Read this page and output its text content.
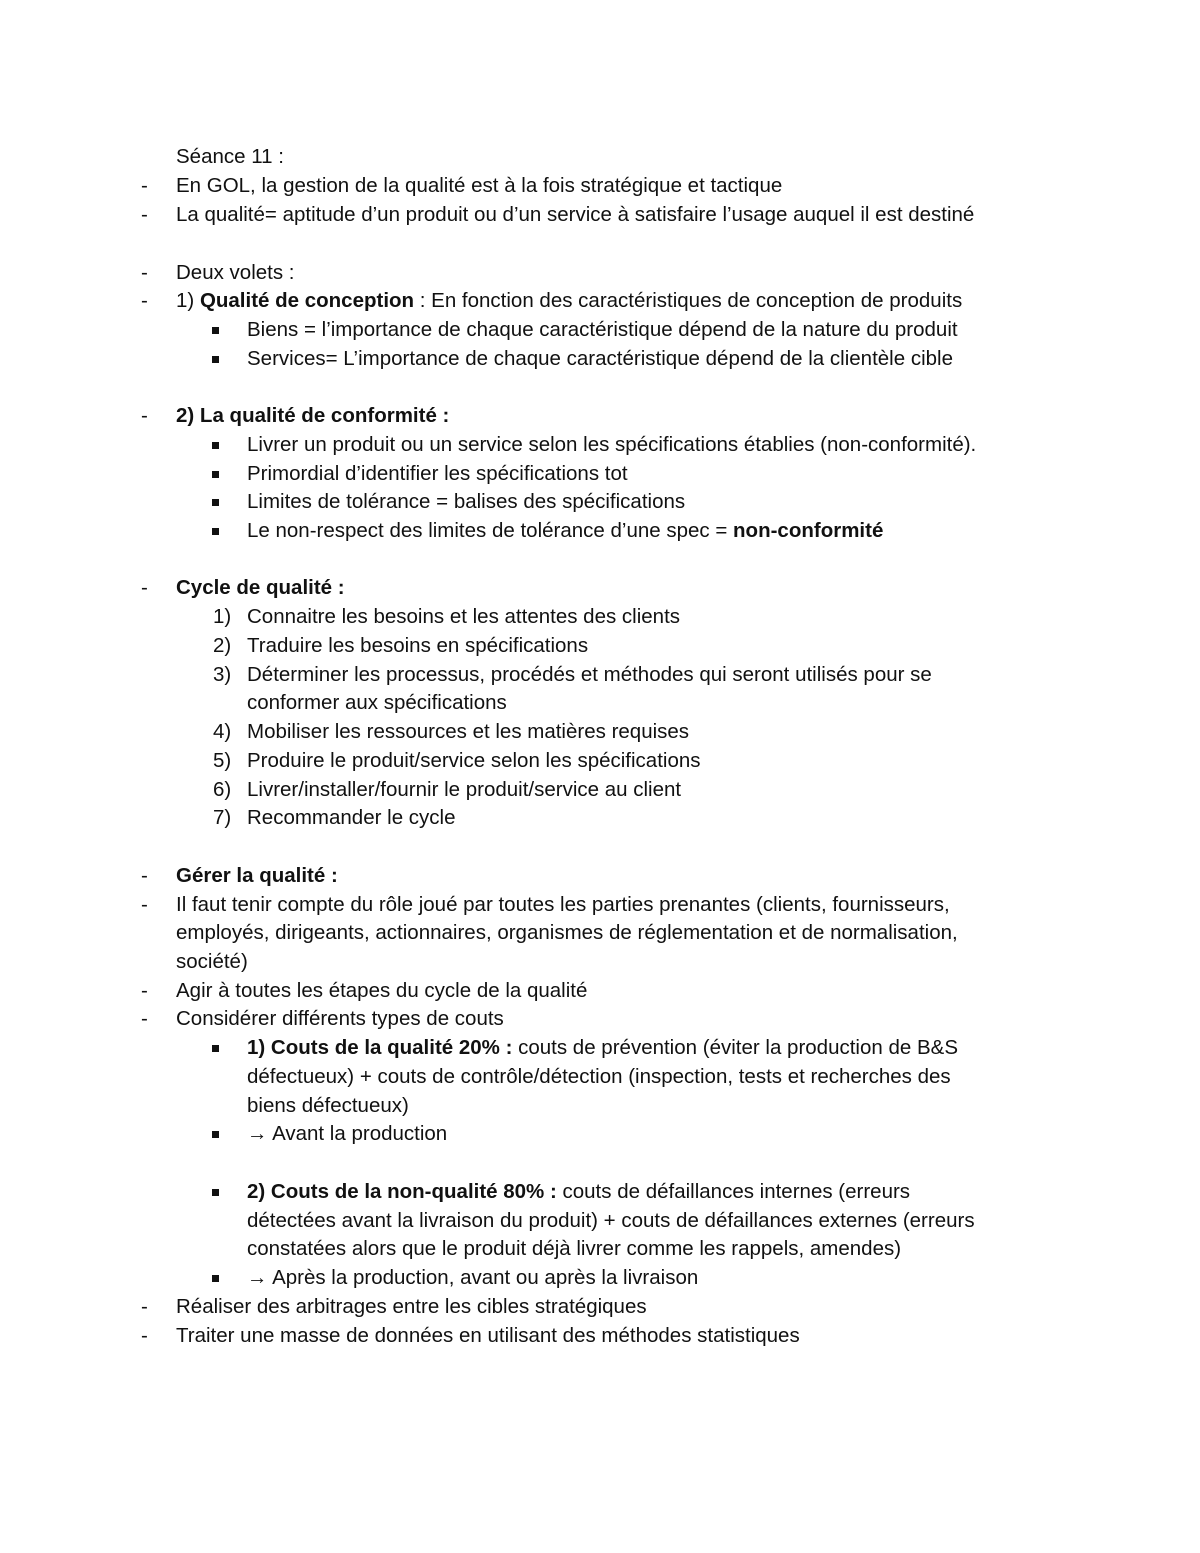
Séance 11 :
- En GOL, la gestion de la qualité est à la fois stratégique et tactique
- La qualité= aptitude d’un produit ou d’un service à satisfaire l’usage auquel il est destiné
- Deux volets :
- 1) Qualité de conception : En fonction des caractéristiques de conception de produits
Biens = l’importance de chaque caractéristique dépend de la nature du produit
Services= L’importance de chaque caractéristique dépend de la clientèle cible
- 2) La qualité de conformité :
Livrer un produit ou un service selon les spécifications établies (non-conformité).
Primordial d’identifier les spécifications tot
Limites de tolérance = balises des spécifications
Le non-respect des limites de tolérance d’une spec = non-conformité
- Cycle de qualité :
1) Connaitre les besoins et les attentes des clients
2) Traduire les besoins en spécifications
3) Déterminer les processus, procédés et méthodes qui seront utilisés pour se
conformer aux spécifications
4) Mobiliser les ressources et les matières requises
5) Produire le produit/service selon les spécifications
6) Livrer/installer/fournir le produit/service au client
7) Recommander le cycle
- Gérer la qualité :
- Il faut tenir compte du rôle joué par toutes les parties prenantes (clients, fournisseurs,
employés, dirigeants, actionnaires, organismes de réglementation et de normalisation,
société)
- Agir à toutes les étapes du cycle de la qualité
- Considérer différents types de couts
1) Couts de la qualité 20% : couts de prévention (éviter la production de B&S
défectueux) + couts de contrôle/détection (inspection, tests et recherches des
biens défectueux)
→ Avant la production
2) Couts de la non-qualité 80% : couts de défaillances internes (erreurs
détectées avant la livraison du produit) + couts de défaillances externes (erreurs
constatées alors que le produit déjà livrer comme les rappels, amendes)
→ Après la production, avant ou après la livraison
- Réaliser des arbitrages entre les cibles stratégiques
- Traiter une masse de données en utilisant des méthodes statistiques
